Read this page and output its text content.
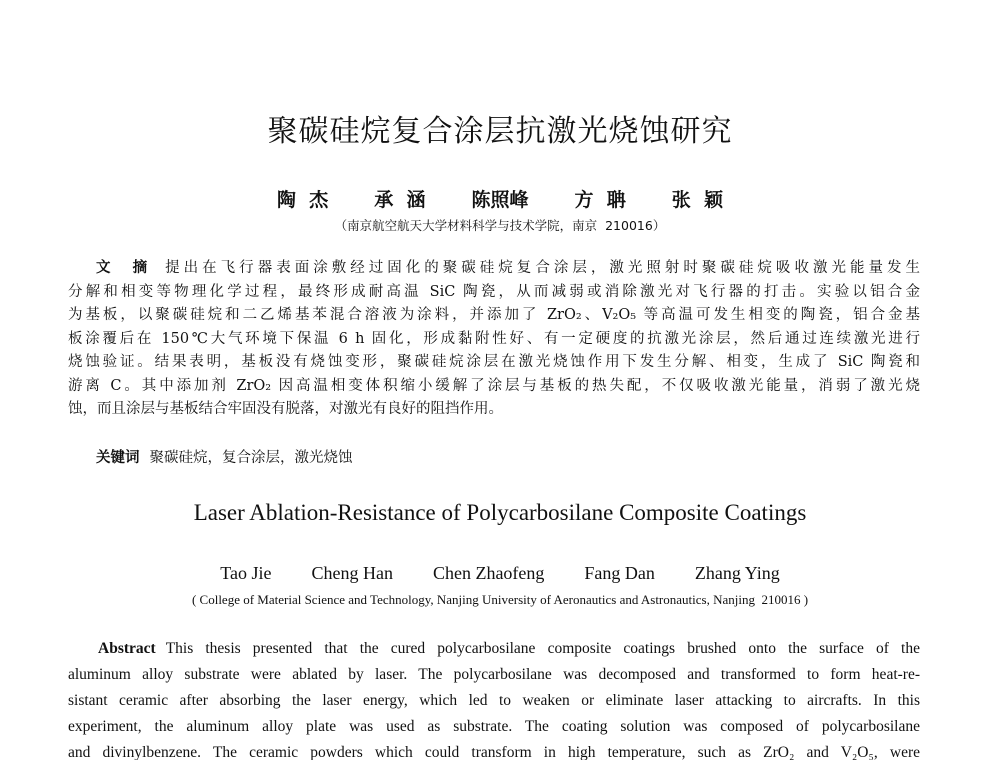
聚碳硅烷复合涂层抗激光烧蚀研究
陶  杰 承  涵 陈照峰 方  聃 张  颖
（南京航空航天大学材料科学与技术学院，南京  210016）
文  摘 提出在飞行器表面涂敷经过固化的聚碳硅烷复合涂层，激光照射时聚碳硅烷吸收激光能量发生
分解和相变等物理化学过程，最终形成耐高温 SiC 陶瓷，从而减弱或消除激光对飞行器的打击。实验以铝合金
为基板，以聚碳硅烷和二乙烯基苯混合溶液为涂料，并添加了 ZrO₂、V₂O₅ 等高温可发生相变的陶瓷，铝合金基
板涂覆后在 150℃大气环境下保温 6 h 固化，形成黏附性好、有一定硬度的抗激光涂层，然后通过连续激光进行
烧蚀验证。结果表明，基板没有烧蚀变形，聚碳硅烷涂层在激光烧蚀作用下发生分解、相变，生成了 SiC 陶瓷和
游离 C。其中添加剂 ZrO₂ 因高温相变体积缩小缓解了涂层与基板的热失配，不仅吸收激光能量，消弱了激光烧
蚀，而且涂层与基板结合牢固没有脱落，对激光有良好的阻挡作用。
关键词 聚碳硅烷，复合涂层，激光烧蚀
Laser Ablation-Resistance of Polycarbosilane Composite Coatings
Tao Jie Cheng Han Chen Zhaofeng Fang Dan Zhang Ying
( College of Material Science and Technology, Nanjing University of Aeronautics and Astronautics, Nanjing  210016 )
Abstract This thesis presented that the cured polycarbosilane composite coatings brushed onto the surface of the
aluminum alloy substrate were ablated by laser. The polycarbosilane was decomposed and transformed to form heat-re-
sistant ceramic after absorbing the laser energy, which led to weaken or eliminate laser attacking to aircrafts. In this
experiment, the aluminum alloy plate was used as substrate. The coating solution was composed of polycarbosilane
and divinylbenzene. The ceramic powders which could transform in high temperature, such as ZrO₂ and V₂O₅, were
